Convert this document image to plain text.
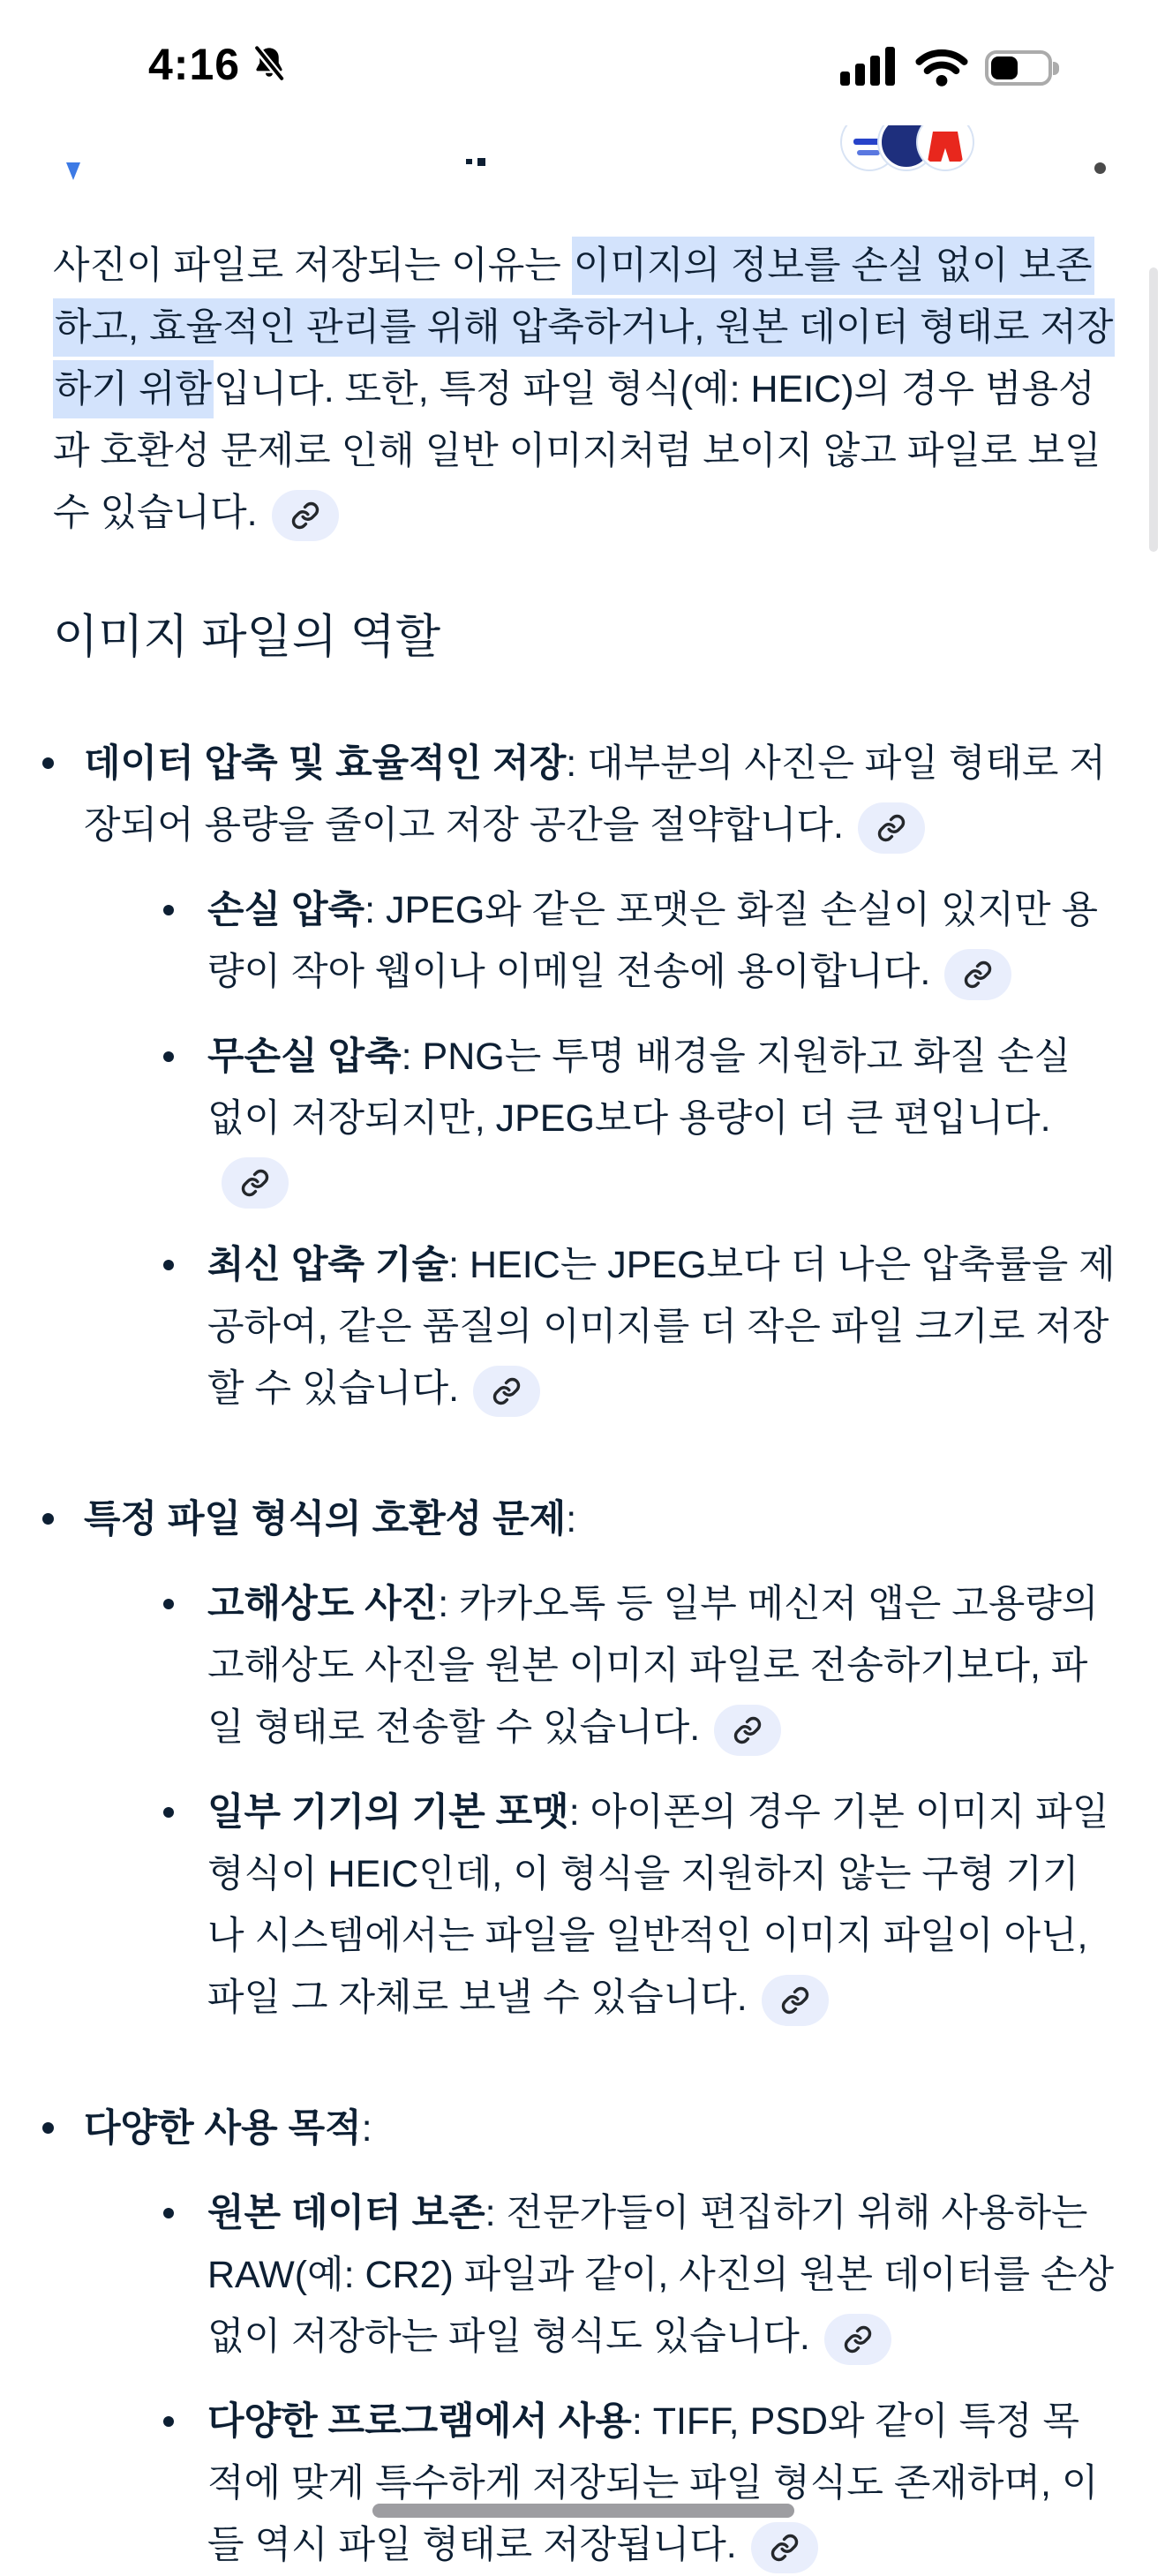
4:16

사진이 파일로 저장되는 이유는 이미지의 정보를 손실 없이 보존하고, 효율적인 관리를 위해 압축하거나, 원본 데이터 형태로 저장하기 위함입니다. 또한, 특정 파일 형식(예: HEIC)의 경우 범용성과 호환성 문제로 인해 일반 이미지처럼 보이지 않고 파일로 보일 수 있습니다.

이미지 파일의 역할
데이터 압축 및 효율적인 저장: 대부분의 사진은 파일 형태로 저장되어 용량을 줄이고 저장 공간을 절약합니다.
손실 압축: JPEG와 같은 포맷은 화질 손실이 있지만 용량이 작아 웹이나 이메일 전송에 용이합니다.
무손실 압축: PNG는 투명 배경을 지원하고 화질 손실 없이 저장되지만, JPEG보다 용량이 더 큰 편입니다.
최신 압축 기술: HEIC는 JPEG보다 더 나은 압축률을 제공하여, 같은 품질의 이미지를 더 작은 파일 크기로 저장할 수 있습니다.
특정 파일 형식의 호환성 문제:
고해상도 사진: 카카오톡 등 일부 메신저 앱은 고용량의 고해상도 사진을 원본 이미지 파일로 전송하기보다, 파일 형태로 전송할 수 있습니다.
일부 기기의 기본 포맷: 아이폰의 경우 기본 이미지 파일 형식이 HEIC인데, 이 형식을 지원하지 않는 구형 기기나 시스템에서는 파일을 일반적인 이미지 파일이 아닌, 파일 그 자체로 보낼 수 있습니다.
다양한 사용 목적:
원본 데이터 보존: 전문가들이 편집하기 위해 사용하는 RAW(예: CR2) 파일과 같이, 사진의 원본 데이터를 손상 없이 저장하는 파일 형식도 있습니다.
다양한 프로그램에서 사용: TIFF, PSD와 같이 특정 목적에 맞게 특수하게 저장되는 파일 형식도 존재하며, 이들 역시 파일 형태로 저장됩니다.
